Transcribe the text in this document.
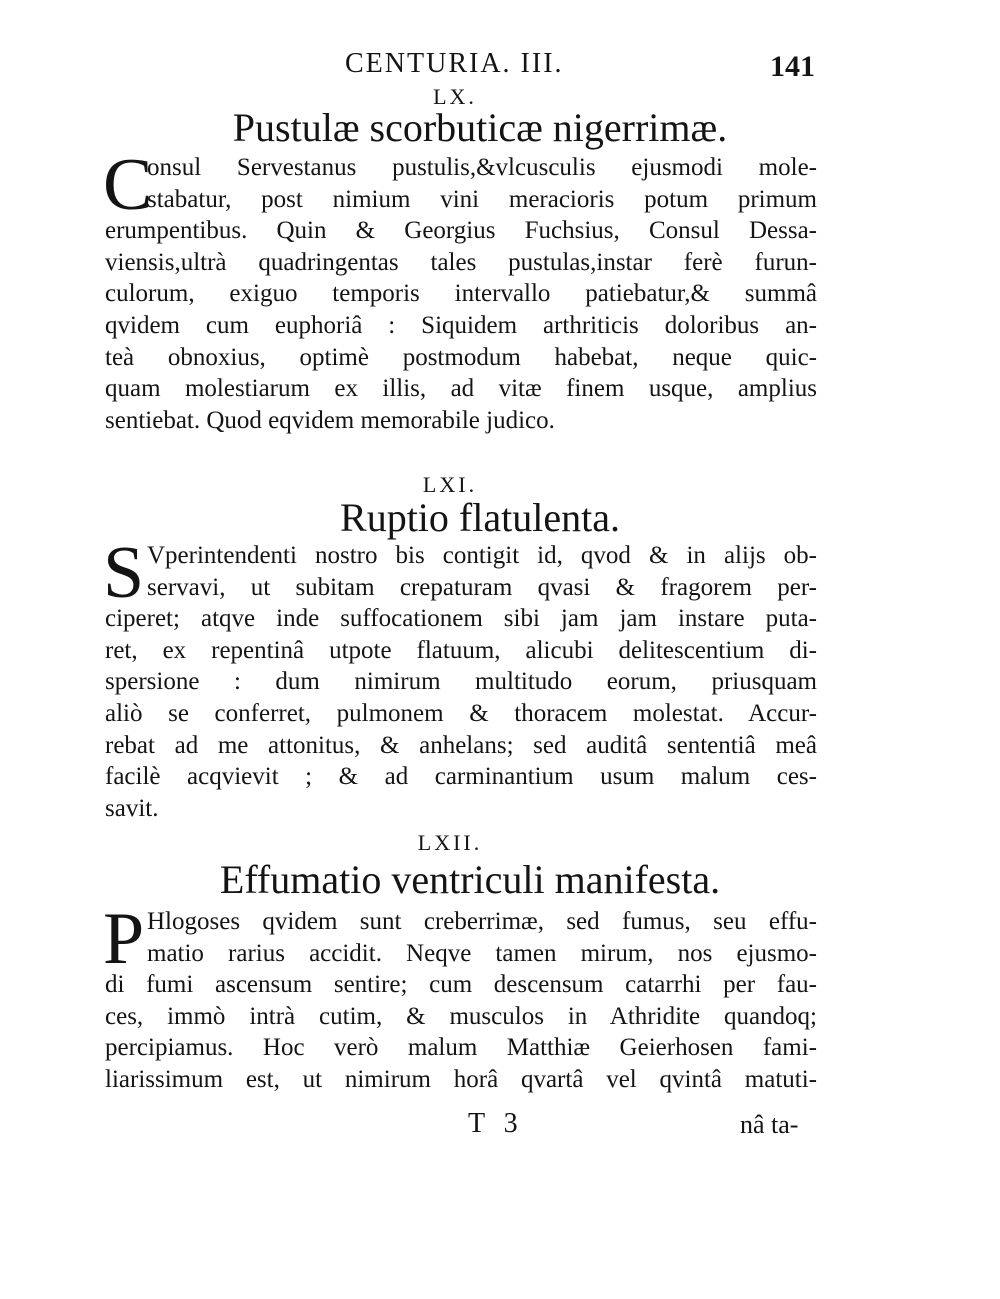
CENTURIA. III.	141
LX.
Pustulæ scorbuticæ nigerrimæ.
C
onsul Servestanus pustulis,&vlcusculis ejusmodi mole-
stabatur, post nimium vini meracioris potum primum
erumpentibus. Quin & Georgius Fuchsius, Consul Dessa-
viensis,ultrà quadringentas tales pustulas,instar ferè furun-
culorum, exiguo temporis intervallo patiebatur,& summâ
qvidem cum euphoriâ : Siquidem arthriticis doloribus an-
teà obnoxius, optimè postmodum habebat, neque quic-
quam molestiarum ex illis, ad vitæ finem usque, amplius
sentiebat. Quod eqvidem memorabile judico.
LXI.
Ruptio flatulenta.
S Vperintendenti nostro bis contigit id, qvod & in alijs ob-
servavi, ut subitam crepaturam qvasi & fragorem per-
ciperet; atqve inde suffocationem sibi jam jam instare puta-
ret, ex repentinâ utpote flatuum, alicubi delitescentium di-
spersione : dum nimirum multitudo eorum, priusquam
aliò se conferret, pulmonem & thoracem molestat. Accur-
rebat ad me attonitus, & anhelans; sed auditâ sententiâ meâ
facilè acqvievit ; & ad carminantium usum malum ces-
savit.
LXII.
Effumatio ventriculi manifesta.
P Hlogoses qvidem sunt creberrimæ, sed fumus, seu effu-
matio rarius accidit. Neqve tamen mirum, nos ejusmo-
di fumi ascensum sentire; cum descensum catarrhi per fau-
ces, immò intrà cutim, & musculos in Athridite quandoq;
percipiamus. Hoc verò malum Matthiæ Geierhosen fami-
liarissimum est, ut nimirum horâ qvartâ vel qvintâ matuti-
T 3	nâ ta-
